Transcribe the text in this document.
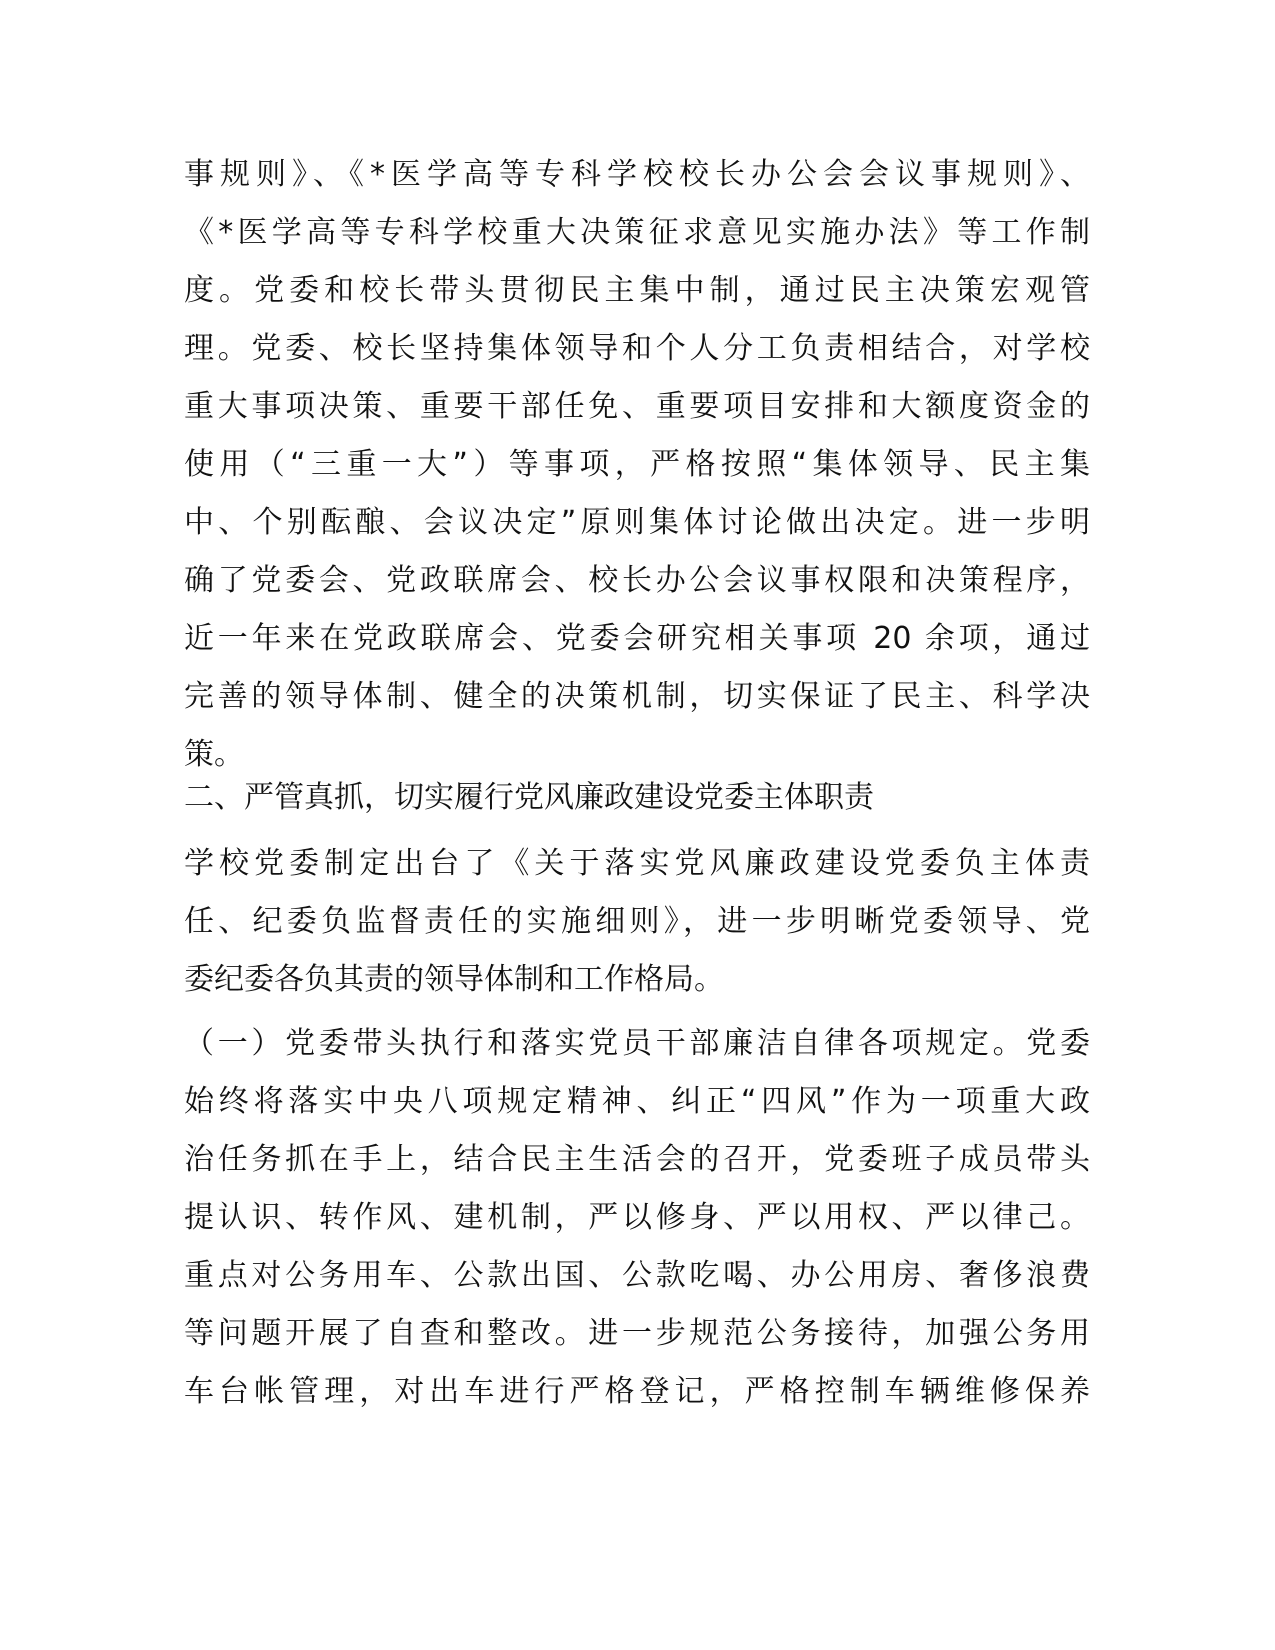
事规则》、《*医学高等专科学校校长办公会会议事规则》、
《*医学高等专科学校重大决策征求意见实施办法》等工作制
度。党委和校长带头贯彻民主集中制，通过民主决策宏观管
理。党委、校长坚持集体领导和个人分工负责相结合，对学校
重大事项决策、重要干部任免、重要项目安排和大额度资金的
使用（“三重一大”）等事项，严格按照“集体领导、民主集
中、个别酝酿、会议决定”原则集体讨论做出决定。进一步明
确了党委会、党政联席会、校长办公会议事权限和决策程序，
近一年来在党政联席会、党委会研究相关事项 20 余项，通过
完善的领导体制、健全的决策机制，切实保证了民主、科学决
策。
二、严管真抓，切实履行党风廉政建设党委主体职责
学校党委制定出台了《关于落实党风廉政建设党委负主体责
任、纪委负监督责任的实施细则》，进一步明晰党委领导、党
委纪委各负其责的领导体制和工作格局。
（一）党委带头执行和落实党员干部廉洁自律各项规定。党委
始终将落实中央八项规定精神、纠正“四风”作为一项重大政
治任务抓在手上，结合民主生活会的召开，党委班子成员带头
提认识、转作风、建机制，严以修身、严以用权、严以律己。
重点对公务用车、公款出国、公款吃喝、办公用房、奢侈浪费
等问题开展了自查和整改。进一步规范公务接待，加强公务用
车台帐管理，对出车进行严格登记，严格控制车辆维修保养
